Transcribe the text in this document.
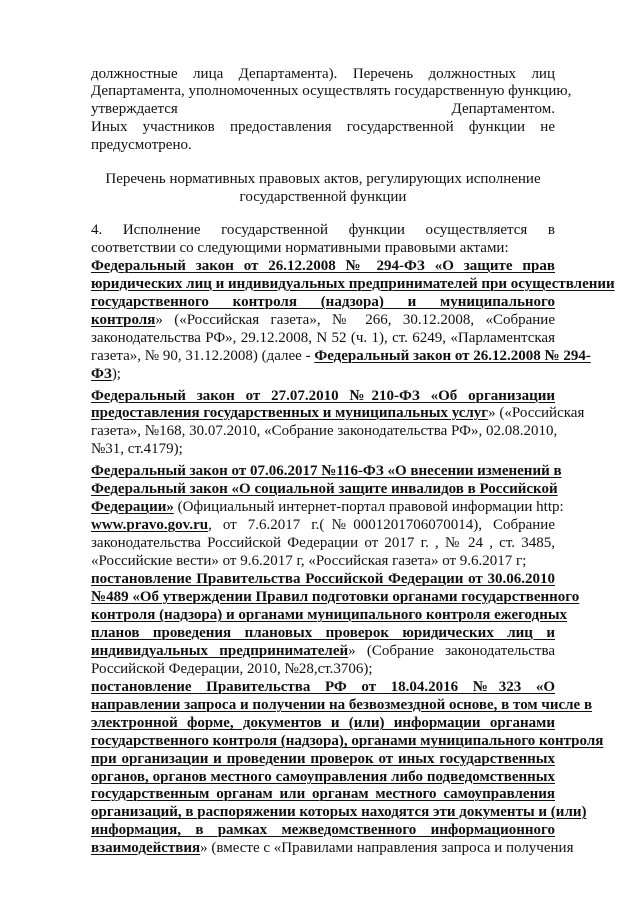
должностные лица Департамента). Перечень должностных лиц
Департамента, уполномоченных осуществлять государственную функцию,
утверждается Департаментом.
Иных участников предоставления государственной функции не
предусмотрено.
Перечень нормативных правовых актов, регулирующих исполнение
государственной функции
4. Исполнение государственной функции осуществляется в
соответствии со следующими нормативными правовыми актами:
Федеральный закон от 26.12.2008 № 294-ФЗ «О защите прав
юридических лиц и индивидуальных предпринимателей при осуществлении
государственного контроля (надзора) и муниципального
контроля» («Российская газета», № 266, 30.12.2008, «Собрание
законодательства РФ», 29.12.2008, N 52 (ч. 1), ст. 6249, «Парламентская
газета», № 90, 31.12.2008) (далее - Федеральный закон от 26.12.2008 № 294-
ФЗ);
Федеральный закон от 27.07.2010 №210-ФЗ «Об организации
предоставления государственных и муниципальных услуг» («Российская
газета», №168, 30.07.2010, «Собрание законодательства РФ», 02.08.2010,
№31, ст.4179);
Федеральный закон от 07.06.2017 №116-ФЗ «О внесении изменений в
Федеральный закон «О социальной защите инвалидов в Российской
Федерации» (Официальный интернет-портал правовой информации http:
www.pravo.gov.ru, от 7.6.2017 г.(№0001201706070014), Собрание
законодательства Российской Федерации от 2017 г. , № 24 , ст. 3485,
«Российские вести» от 9.6.2017 г, «Российская газета» от 9.6.2017 г;
постановление Правительства Российской Федерации от 30.06.2010
№489 «Об утверждении Правил подготовки органами государственного
контроля (надзора) и органами муниципального контроля ежегодных
планов проведения плановых проверок юридических лиц и
индивидуальных предпринимателей» (Собрание законодательства
Российской Федерации, 2010, №28,ст.3706);
постановление Правительства РФ от 18.04.2016 №323 «О
направлении запроса и получении на безвозмездной основе, в том числе в
электронной форме, документов и (или) информации органами
государственного контроля (надзора), органами муниципального контроля
при организации и проведении проверок от иных государственных
органов, органов местного самоуправления либо подведомственных
государственным органам или органам местного самоуправления
организаций, в распоряжении которых находятся эти документы и (или)
информация, в рамках межведомственного информационного
взаимодействия» (вместе с «Правилами направления запроса и получения
